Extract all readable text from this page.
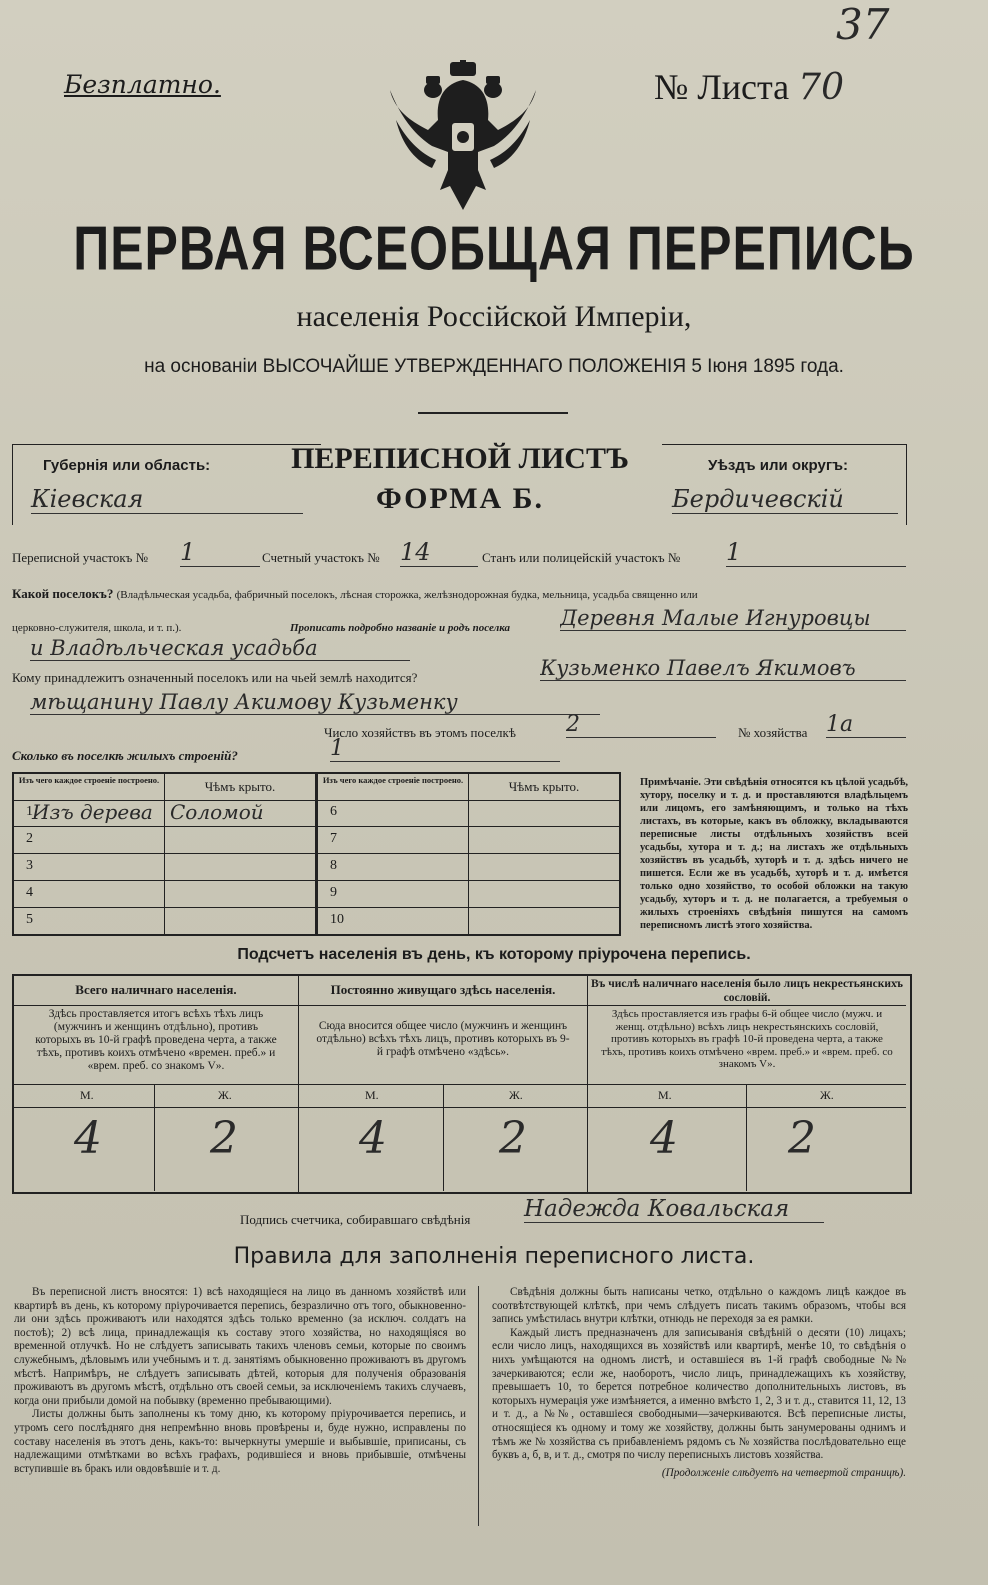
Безплатно.	№ Листа 70
37
ПЕРВАЯ ВСЕОБЩАЯ ПЕРЕПИСЬ
населенія Россійской Имперіи,
на основаніи ВЫСОЧАЙШЕ УТВЕРЖДЕННАГО ПОЛОЖЕНІЯ 5 Іюня 1895 года.
Губернія или область:
Кіевская
ПЕРЕПИСНОЙ ЛИСТЪ
ФОРМА Б.
Уѣздъ или округъ:
Бердичевскій
Переписной участокъ № 1	Счетный участокъ № 14	Станъ или полицейскій участокъ № 1
Какой поселокъ? (Владѣльческая усадьба, фабричный поселокъ, лѣсная сторожка, желѣзнодорожная будка, мельница, усадьба священно или
церковно-служителя, школа, и т. п.).	Прописать подробно названіе и родъ поселка Деревня Малые Игнуровцы
и Владѣльческая усадьба
Кому принадлежитъ означенный поселокъ или на чьей землѣ находится?	Кузьменко Павелъ Якимовъ
мѣщанину Павлу Акимову Кузьменку
Число хозяйствъ въ этомъ поселкѣ 2	№ хозяйства 1а
Сколько въ поселкѣ жилыхъ строеній?	1
Изъ чего каждое строеніе построено.	Чѣмъ крыто.
1 Изъ дерева Соломой
2
3
4
5
Изъ чего каждое строеніе построено.	Чѣмъ крыто.
6
7
8
9
10
Примѣчаніе. Эти свѣдѣнія относятся къ цѣлой усадьбѣ, хутору, поселку и т. д. и проставляются владѣльцемъ или лицомъ, его замѣняющимъ, и только на тѣхъ листахъ, въ которые, какъ въ обложку, вкладываются переписные листы отдѣльныхъ хозяйствъ всей усадьбы, хутора и т. д.; на листахъ же отдѣльныхъ хозяйствъ въ усадьбѣ, хуторѣ и т. д. здѣсь ничего не пишется. Если же въ усадьбѣ, хуторѣ и т. д. имѣется только одно хозяйство, то особой обложки на такую усадьбу, хуторъ и т. д. не полагается, а требуемыя о жилыхъ строеніяхъ свѣдѣнія пишутся на самомъ переписномъ листѣ этого хозяйства.
Подсчетъ населенія въ день, къ которому пріурочена перепись.
Всего наличнаго населенія.
Здѣсь проставляется итогъ всѣхъ тѣхъ лицъ (мужчинъ и женщинъ отдѣльно), противъ которыхъ въ 10-й графѣ проведена черта, а также тѣхъ, противъ коихъ отмѣчено «времен. преб.» и «врем. преб. со знакомъ V».
М.	Ж.
4 2
Постоянно живущаго здѣсь населенія.
Сюда вносится общее число (мужчинъ и женщинъ отдѣльно) всѣхъ тѣхъ лицъ, противъ которыхъ въ 9-й графѣ отмѣчено «здѣсь».
М.	Ж.
4	2
Въ числѣ наличнаго населенія было лицъ некрестьянскихъ сословій.
Здѣсь проставляется изъ графы 6-й общее число (мужч. и женщ. отдѣльно) всѣхъ лицъ некрестьянскихъ сословій, противъ которыхъ въ графѣ 10-й проведена черта, а также тѣхъ, противъ коихъ отмѣчено «врем. преб.» и «врем. преб. со знакомъ V».
М.	Ж.
4	2
Подпись счетчика, собиравшаго свѣдѣнія Надежда Ковальская
Правила для заполненія переписного листа.

Въ переписной листъ вносятся: 1) всѣ находящіеся на лицо въ данномъ хозяйствѣ или квартирѣ въ день, къ которому пріурочивается перепись, безразлично отъ того, обыкновенно-ли они здѣсь проживаютъ или находятся здѣсь только временно (за исключ. солдатъ на постоѣ); 2) всѣ лица, принадлежащія къ составу этого хозяйства, но находящіяся во временной отлучкѣ. Но не слѣдуетъ записывать такихъ членовъ семьи, которые по своимъ служебнымъ, дѣловымъ или учебнымъ и т. д. занятіямъ обыкновенно проживаютъ въ другомъ мѣстѣ. Напримѣръ, не слѣдуетъ записывать дѣтей, которыя для полученія образованія проживаютъ въ другомъ мѣстѣ, отдѣльно отъ своей семьи, за исключеніемъ такихъ случаевъ, когда они прибыли домой на побывку (временно пребывающими).

Листы должны быть заполнены къ тому дню, къ которому пріурочивается перепись, и утромъ сего послѣдняго дня непремѣнно вновь провѣрены и, буде нужно, исправлены по составу населенія въ этотъ день, какъ-то: вычеркнуты умершіе и выбывшіе, приписаны, съ надлежащими отмѣтками во всѣхъ графахъ, родившіеся и вновь прибывшіе, отмѣчены вступившіе въ бракъ или овдовѣвшіе и т. д.

Свѣдѣнія должны быть написаны четко, отдѣльно о каждомъ лицѣ каждое въ соотвѣтствующей клѣткѣ, при чемъ слѣдуетъ писать такимъ образомъ, чтобы вся запись умѣстилась внутри клѣтки, отнюдь не переходя за ея рамки.

Каждый листъ предназначенъ для записыванія свѣдѣній о десяти (10) лицахъ; если число лицъ, находящихся въ хозяйствѣ или квартирѣ, менѣе 10, то свѣдѣнія о нихъ умѣщаются на одномъ листѣ, и оставшіеся въ 1-й графѣ свободные №№ зачеркиваются; если же, наоборотъ, число лицъ, принадлежащихъ къ хозяйству, превышаетъ 10, то берется потребное количество дополнительныхъ листовъ, въ которыхъ нумерація уже измѣняется, а именно вмѣсто 1, 2, 3 и т. д., ставится 11, 12, 13 и т. д., а №№, оставшіеся свободными—зачеркиваются. Всѣ переписные листы, относящіеся къ одному и тому же хозяйству, должны быть занумерованы однимъ и тѣмъ же № хозяйства съ прибавленіемъ рядомъ съ № хозяйства послѣдовательно еще буквъ а, б, в, и т. д., смотря по числу переписныхъ листовъ хозяйства.

(Продолженіе слѣдуетъ на четвертой страницѣ).
